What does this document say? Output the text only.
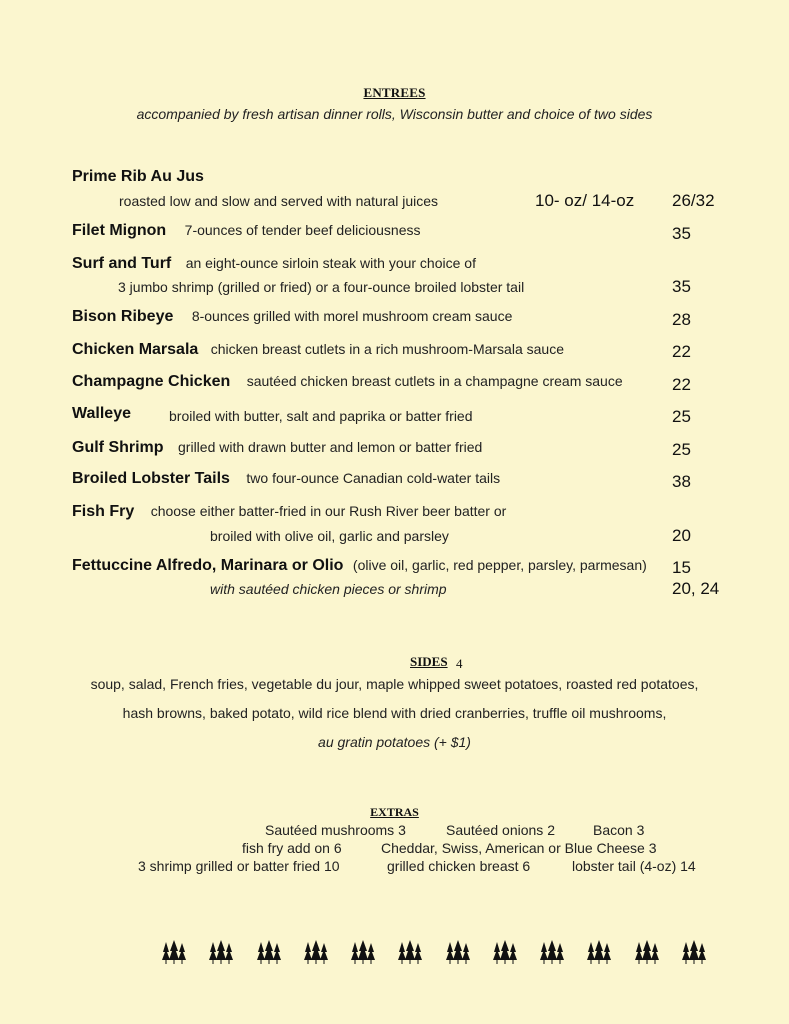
ENTREES
accompanied by fresh artisan dinner rolls, Wisconsin butter and choice of two sides
Prime Rib Au Jus
roasted low and slow and served with natural juices	10- oz/ 14-oz 26/32
Filet Mignon 7-ounces of tender beef deliciousness	35
Surf and Turf an eight-ounce sirloin steak with your choice of
3 jumbo shrimp (grilled or fried) or a four-ounce broiled lobster tail	35
Bison Ribeye 8-ounces grilled with morel mushroom cream sauce	28
Chicken Marsala chicken breast cutlets in a rich mushroom-Marsala sauce	22
Champagne Chicken sautéed chicken breast cutlets in a champagne cream sauce	22
Walleye	broiled with butter, salt and paprika or batter fried	25
Gulf Shrimp grilled with drawn butter and lemon or batter fried	25
Broiled Lobster Tails two four-ounce Canadian cold-water tails	38
Fish Fry choose either batter-fried in our Rush River beer batter or
broiled with olive oil, garlic and parsley	20
Fettuccine Alfredo, Marinara or Olio (olive oil, garlic, red pepper, parsley, parmesan) 15
with sautéed chicken pieces or shrimp	20, 24
SIDES 4
soup, salad, French fries, vegetable du jour, maple whipped sweet potatoes, roasted red potatoes,
hash browns, baked potato, wild rice blend with dried cranberries, truffle oil mushrooms,
au gratin potatoes (+ $1)
EXTRAS
Sautéed mushrooms 3	Sautéed onions 2	Bacon 3
fish fry add on 6	Cheddar, Swiss, American or Blue Cheese 3
3 shrimp grilled or batter fried 10	grilled chicken breast 6	lobster tail (4-oz) 14
